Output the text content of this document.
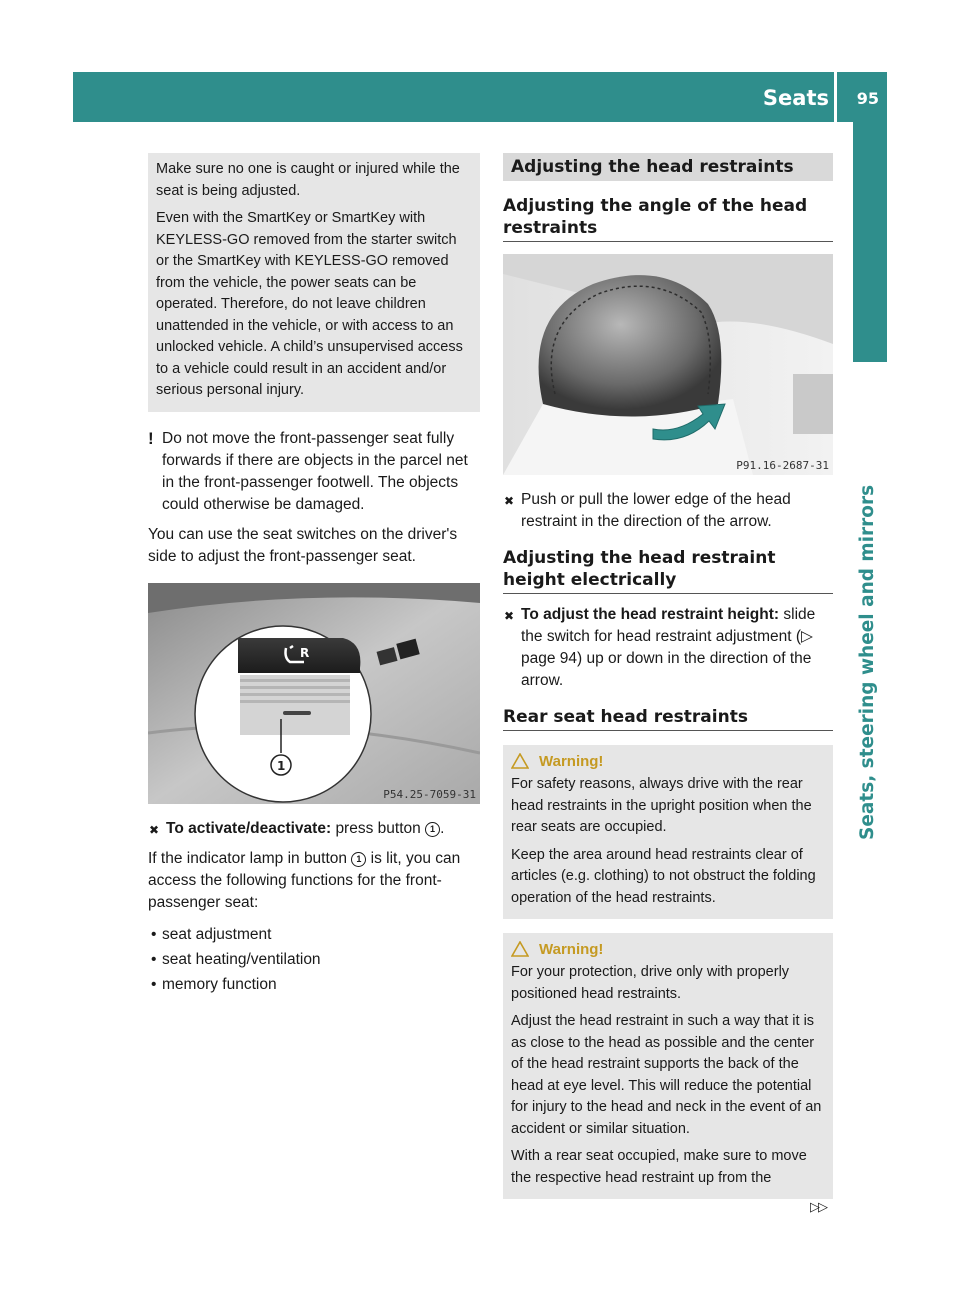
Seats 95
Seats, steering wheel and mirrors

Make sure no one is caught or injured while the seat is being adjusted.

Even with the SmartKey or SmartKey with KEYLESS-GO removed from the starter switch or the SmartKey with KEYLESS-GO removed from the vehicle, the power seats can be operated. Therefore, do not leave children unattended in the vehicle, or with access to an unlocked vehicle. A child’s unsupervised access to a vehicle could result in an accident and/or serious personal injury.

! Do not move the front-passenger seat fully forwards if there are objects in the parcel net in the front-passenger footwell. The objects could otherwise be damaged.

You can use the seat switches on the driver's side to adjust the front-passenger seat.

R
1
P54.25-7059-31
✖ To activate/deactivate: press button 1 .

If the indicator lamp in button 1 is lit, you can access the following functions for the front-passenger seat:

• seat adjustment
• seat heating/ventilation
• memory function
Adjusting the head restraints
Adjusting the angle of the head restraints
P91.16-2687-31
✖ Push or pull the lower edge of the head restraint in the direction of the arrow.
Adjusting the head restraint height electrically
✖ To adjust the head restraint height: slide the switch for head restraint adjustment (▷ page 94) up or down in the direction of the arrow.
Rear seat head restraints
Warning!

For safety reasons, always drive with the rear head restraints in the upright position when the rear seats are occupied.

Keep the area around head restraints clear of articles (e.g. clothing) to not obstruct the folding operation of the head restraints.

Warning!

For your protection, drive only with properly positioned head restraints.

Adjust the head restraint in such a way that it is as close to the head as possible and the center of the head restraint supports the back of the head at eye level. This will reduce the potential for injury to the head and neck in the event of an accident or similar situation.

With a rear seat occupied, make sure to move the respective head restraint up from the

▷▷
